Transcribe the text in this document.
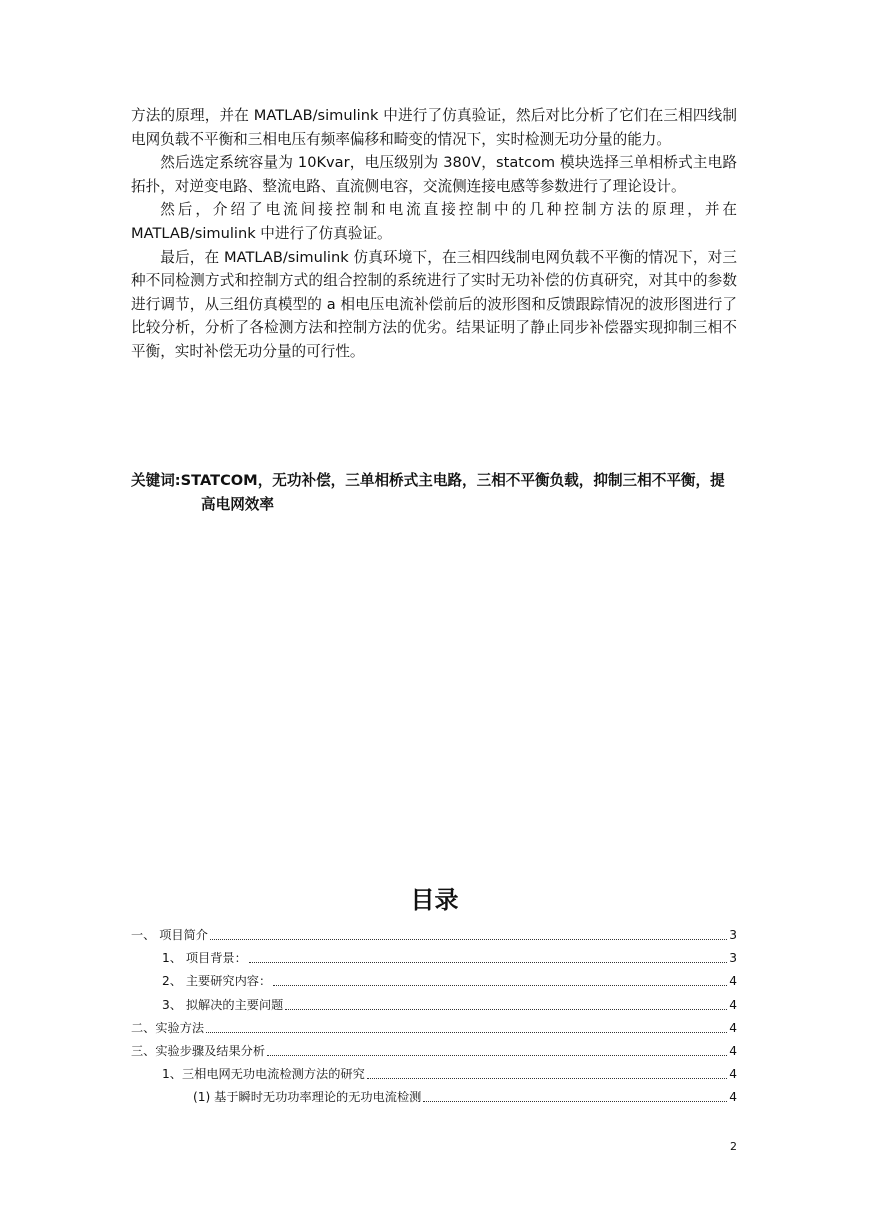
方法的原理，并在 MATLAB/simulink 中进行了仿真验证，然后对比分析了它们在三相四线制电网负载不平衡和三相电压有频率偏移和畸变的情况下，实时检测无功分量的能力。

然后选定系统容量为 10Kvar，电压级别为 380V，statcom 模块选择三单相桥式主电路拓扑，对逆变电路、整流电路、直流侧电容，交流侧连接电感等参数进行了理论设计。

然后，介绍了电流间接控制和电流直接控制中的几种控制方法的原理，并在MATLAB/simulink 中进行了仿真验证。

最后，在 MATLAB/simulink 仿真环境下，在三相四线制电网负载不平衡的情况下，对三种不同检测方式和控制方式的组合控制的系统进行了实时无功补偿的仿真研究，对其中的参数进行调节，从三组仿真模型的 a 相电压电流补偿前后的波形图和反馈跟踪情况的波形图进行了比较分析，分析了各检测方法和控制方法的优劣。结果证明了静止同步补偿器实现抑制三相不平衡，实时补偿无功分量的可行性。

关键词:STATCOM，无功补偿，三单相桥式主电路，三相不平衡负载，抑制三相不平衡，提高电网效率
目录
一、 项目简介	3
1、 项目背景：	3
2、 主要研究内容：	4
3、 拟解决的主要问题	4
二、实验方法	4
三、实验步骤及结果分析	4
1、三相电网无功电流检测方法的研究	4
(1) 基于瞬时无功功率理论的无功电流检测	4
2
